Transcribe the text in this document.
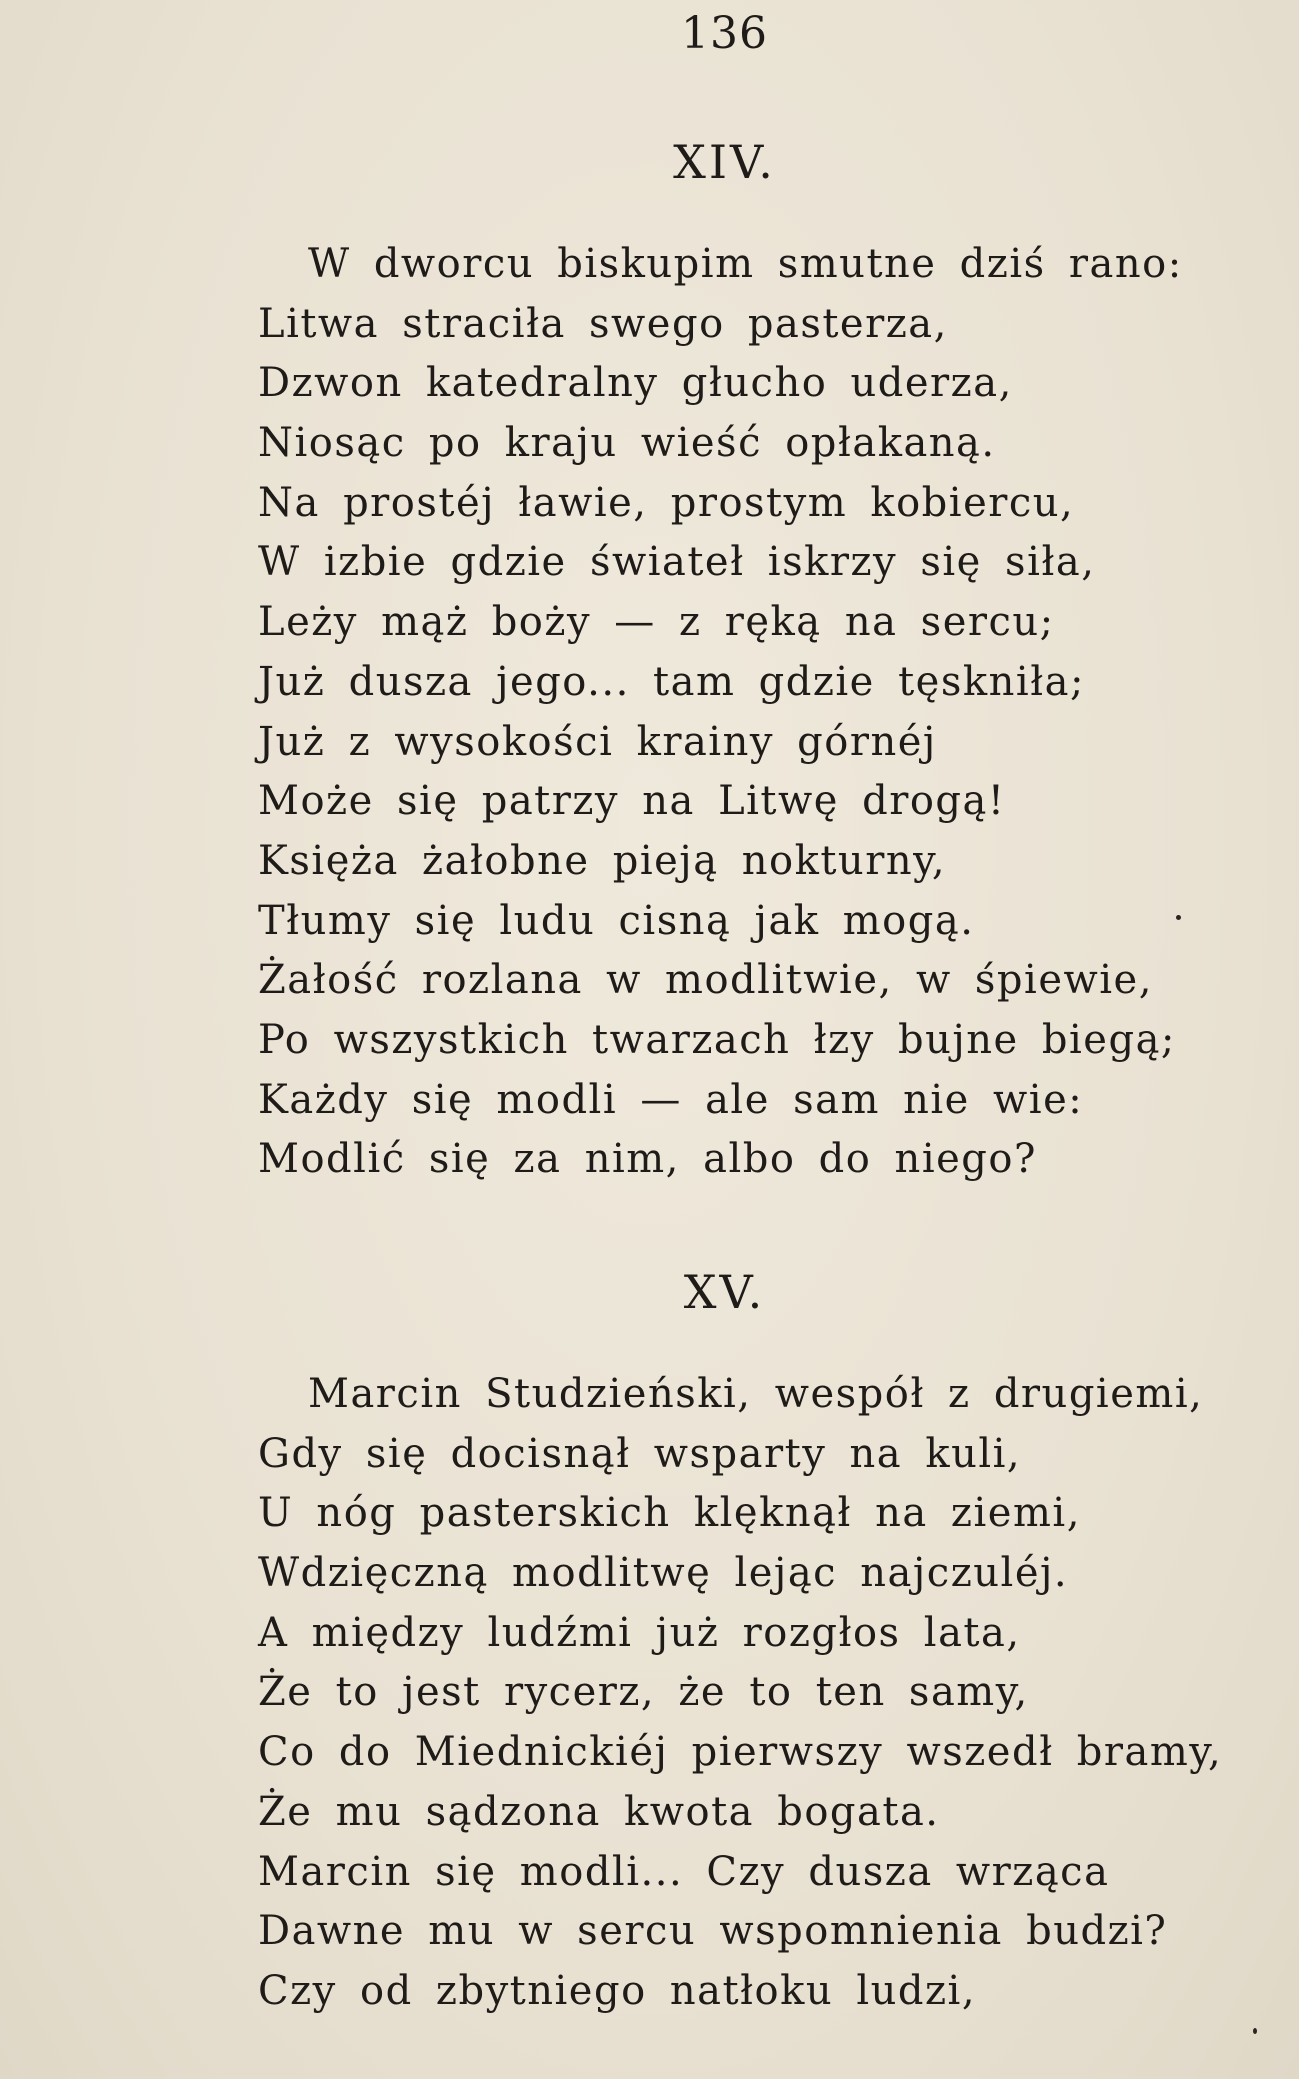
136
XIV.
W dworcu biskupim smutne dziś rano:
Litwa straciła swego pasterza,
Dzwon katedralny głucho uderza,
Niosąc po kraju wieść opłakaną.
Na prostéj ławie, prostym kobiercu,
W izbie gdzie świateł iskrzy się siła,
Leży mąż boży — z ręką na sercu;
Już dusza jego... tam gdzie tęskniła;
Już z wysokości krainy górnéj
Może się patrzy na Litwę drogą!
Księża żałobne pieją nokturny,
Tłumy się ludu cisną jak mogą.
Żałość rozlana w modlitwie, w śpiewie,
Po wszystkich twarzach łzy bujne biegą;
Każdy się modli — ale sam nie wie:
Modlić się za nim, albo do niego?
XV.
Marcin Studzieński, wespół z drugiemi,
Gdy się docisnął wsparty na kuli,
U nóg pasterskich klęknął na ziemi,
Wdzięczną modlitwę lejąc najczuléj.
A między ludźmi już rozgłos lata,
Że to jest rycerz, że to ten samy,
Co do Miednickiéj pierwszy wszedł bramy,
Że mu sądzona kwota bogata.
Marcin się modli... Czy dusza wrząca
Dawne mu w sercu wspomnienia budzi?
Czy od zbytniego natłoku ludzi,
